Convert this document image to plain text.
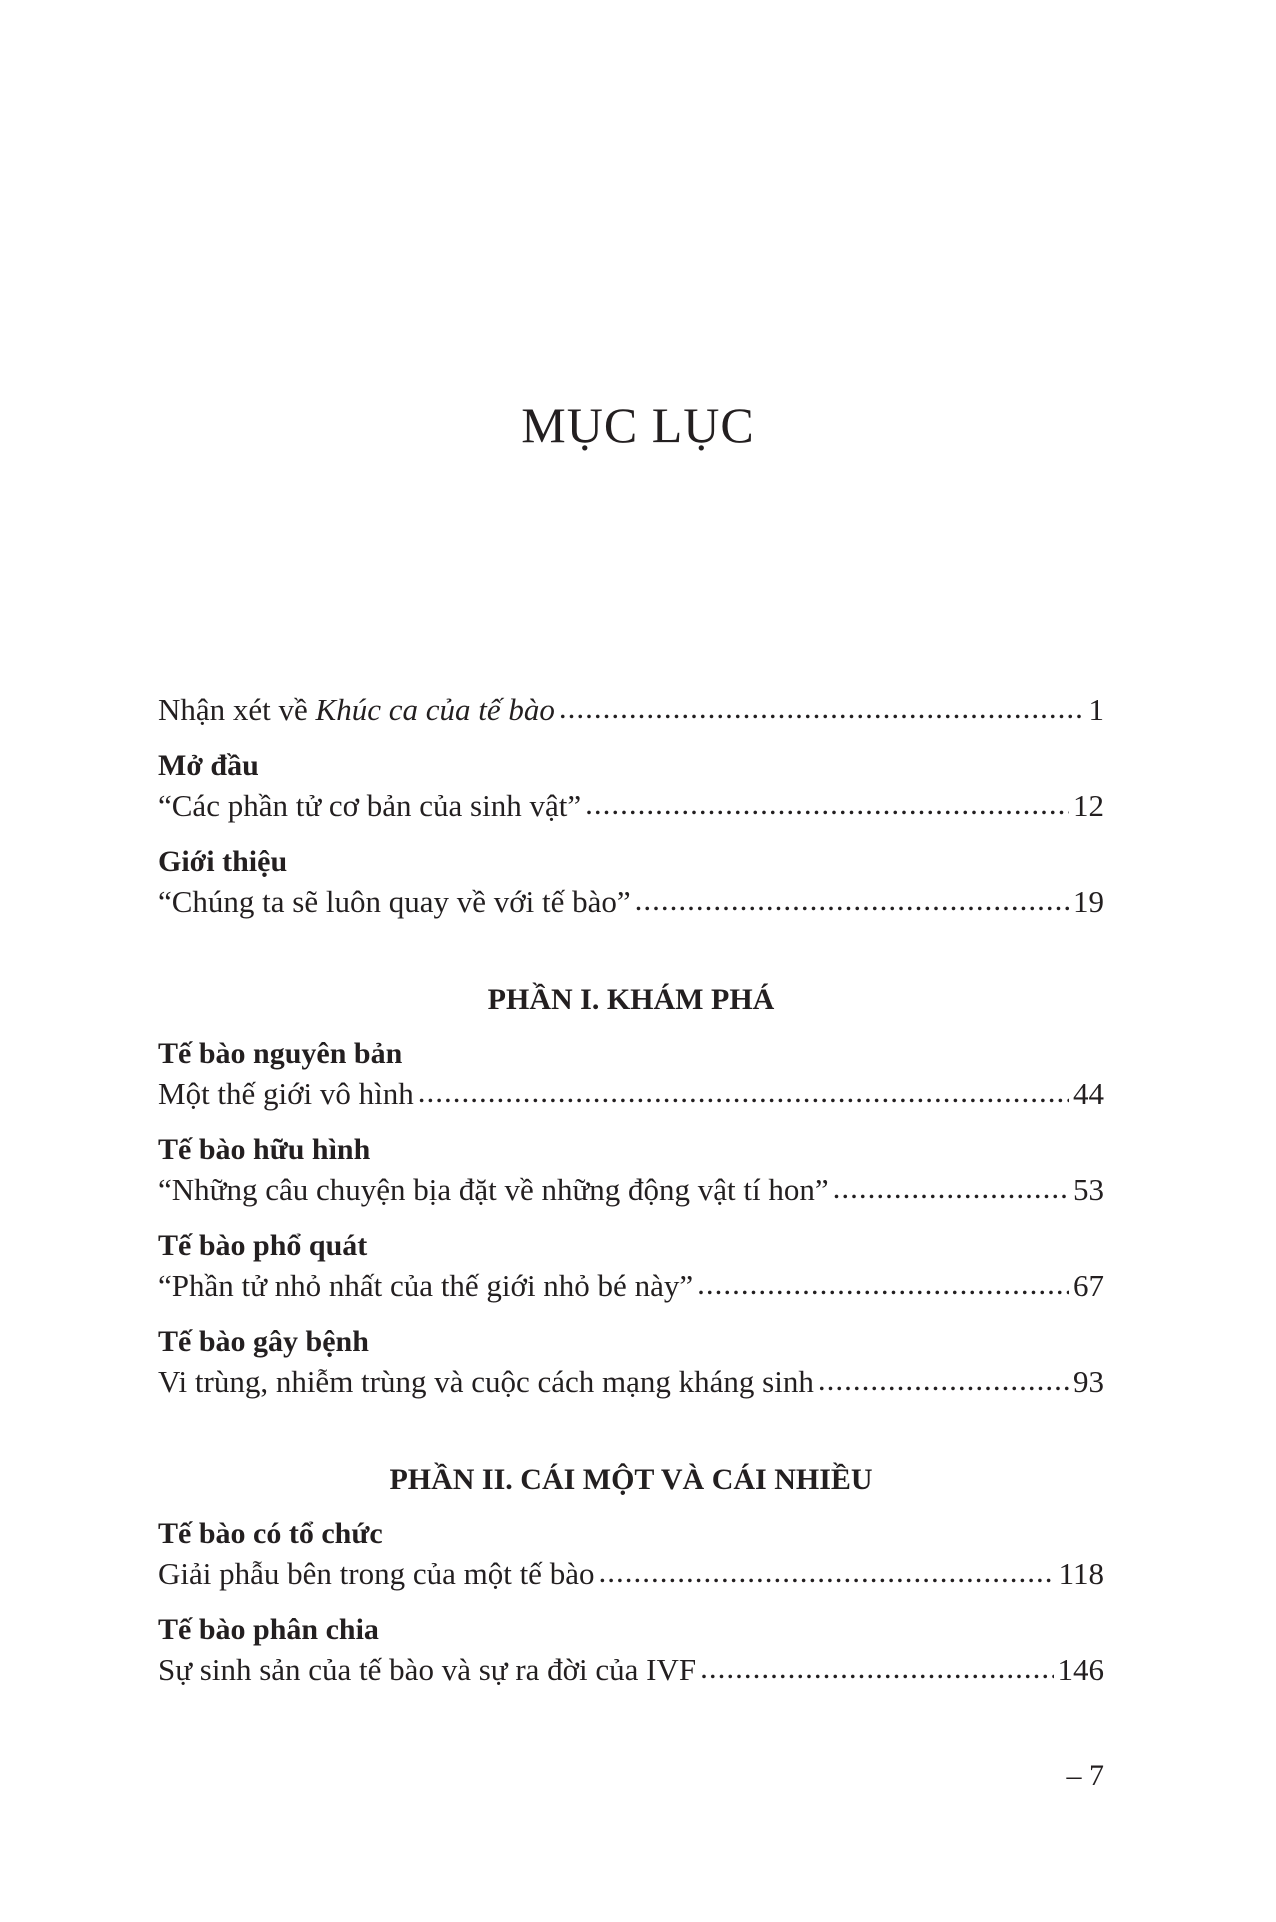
MỤC LỤC
Nhận xét về Khúc ca của tế bào .....	1
Mở đầu
“Các phần tử cơ bản của sinh vật” .....	12
Giới thiệu
“Chúng ta sẽ luôn quay về với tế bào” .....	19
PHẦN I. KHÁM PHÁ
Tế bào nguyên bản
Một thế giới vô hình .....	44
Tế bào hữu hình
“Những câu chuyện bịa đặt về những động vật tí hon” .....	53
Tế bào phổ quát
“Phần tử nhỏ nhất của thế giới nhỏ bé này” .....	67
Tế bào gây bệnh
Vi trùng, nhiễm trùng và cuộc cách mạng kháng sinh .....	93
PHẦN II. CÁI MỘT VÀ CÁI NHIỀU
Tế bào có tổ chức
Giải phẫu bên trong của một tế bào .....	118
Tế bào phân chia
Sự sinh sản của tế bào và sự ra đời của IVF .....	146
– 7
